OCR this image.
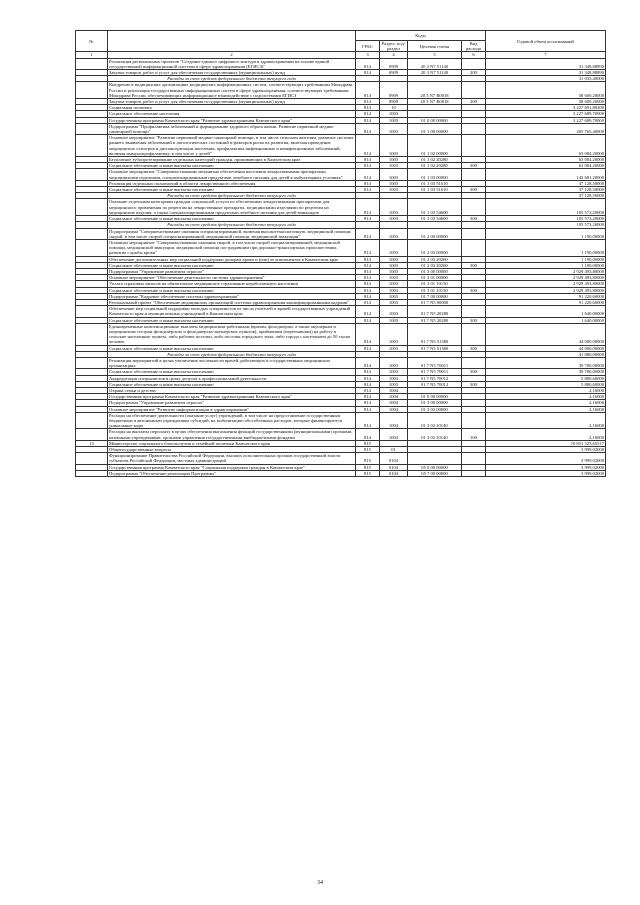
№		Коды				Годовой объем ассигнований
		ГРБС	Раздел, под-раздел	Целевая статья	Вид расхода	
1	2	3	4	5	6	7
	Реализация региональных проектов "Создание единого цифрового контура в здравоохранении на основе единой государственной информационной системы в сфере здравоохранения (ЕГИСЗ)"	814	0909	20 3 N7 51140		31 348,88890
	Закупка товаров, работ и услуг для обеспечения государственных (муниципальных) нужд	814	0909	20 3 N7 51140	200	31 348,88890
	Расходы за счет средств федерального бюджета текущего года					31 035,40000
	Внедрение в медицинских организациях медицинских информационных систем, соответствующих требованиям Минздрава России и реализация государственных информационных систем в сфере здравоохранения, соответствующих требованиям Минздрава России, обеспечивающих информационное взаимодействие с подсистемами ЕГИСЗ	814	0909	20 3 N7 R0018		38 600,20000
	Закупка товаров, работ и услуг для обеспечения государственных (муниципальных) нужд	814	0909	20 3 N7 R0018	200	38 600,20000
	Социальная политика	814	10			3 227 691,88200
	Социальное обеспечение населения	814	1003			3 227 689,70000
	Государственная программа Камчатского края "Развитие здравоохранения Камчатского края"	814	1003	01 0 00 00000		3 227 689,70000
	Подпрограмма "Профилактика заболеваний и формирование здорового образа жизни. Развитие первичной медико-санитарной помощи"	814	1003	01 1 00 00000		205 765,40000
	Основное мероприятие "Развитие первичной медико-санитарной помощи, в том числе сельским жителям, развитие системы раннего выявления заболеваний и патологических состояний и факторов риска их развития, включая проведение медицинских осмотров и диспансеризации населения, профилактика инфекционных и неинфекционных заболеваний, включая иммунопрофилактику, в том числе у детей"	814	1003	01 1 02 00000		63 084,20000
	Бесплатное зубопротезирование отдельных категорий граждан, проживающих в Камчатском крае	814	1003	01 1 02 20280		63 084,20000
	Социальное обеспечение и иные выплаты населению	814	1003	01 1 02 20280	300	63 084,20000
	Основное мероприятие "Совершенствование механизма обеспечения населения лекарственными препаратами, медицинскими изделиями, специализированными продуктами лечебного питания для детей в амбулаторных условиях"	814	1003	01 1 03 00000		142 681,20000
	Реализация отдельных полномочий в области лекарственного обеспечения	814	1003	01 1 03 51610		37 128,50000
	Социальное обеспечение и иные выплаты населению	814	1003	01 1 03 51610	300	37 128,50000
	Расходы за счет средств федерального бюджета текущего года					37 128,50000
	Оказание отдельным категориям граждан социальной услуги по обеспечению лекарственными препаратами для медицинского применения по рецептам на лекарственные препараты, медицинскими изделиями по рецептам на медицинские изделия, а также специализированными продуктами лечебного питания для детей-инвалидов	814	1003	01 1 03 54600		105 573,20000
	Социальное обеспечение и иные выплаты населению	814	1003	01 1 03 54600	300	105 573,20000
	Расходы за счет средств федерального бюджета текущего года					105 573,20000
	Подпрограмма "Совершенствование оказания специализированной, включая высокотехнологичную, медицинской помощи, скорой, в том числе скорой специализированной, медицинской помощи, медицинской эвакуации"	814	1003	01 2 00 00000		1 190,00000
	Основное мероприятие "Совершенствование оказания скорой, в том числе скорой специализированной, медицинской помощи, медицинской эвакуации, медицинской помощи пострадавшим при дорожно-транспортных происшествиях, развитие службы крови"	814	1003	01 2 03 00000		1 190,00000
	Обеспечение дополнительных мер социальной поддержки донорам крови и (или) ее компонентов в Камчатском крае	814	1003	01 2 03 20260		1 190,00000
	Социальное обеспечение и иные выплаты населению	814	1003	01 2 03 20260	300	1 190,00000
	Подпрограмма "Управление развитием отрасли"	814	1003	01 3 00 00000		2 929 493,80000
	Основное мероприятие "Обеспечение деятельности системы здравоохранения"	814	1003	01 3 01 00000		2 929 493,80000
	Уплата страховых взносов на обязательное медицинское страхование неработающего населения	814	1003	01 3 01 10150		2 929 493,80000
	Социальное обеспечение и иные выплаты населению	814	1003	01 3 01 10150	300	2 929 493,80000
	Подпрограмма "Кадровое обеспечение системы здравоохранения"	814	1003	01 7 00 00000		91 220,60000
	Региональный проект "Обеспечение медицинских организаций системы здравоохранения квалифицированными кадрами"	814	1003	01 7 N5 00000		91 220,60000
	Обеспечение мер социальной поддержки молодых специалистов из числа учителей и врачей государственных учреждений Камчатского края и муниципальных учреждений в Камчатском крае	814	1003	01 7 N5 20280		1 640,00000
	Социальное обеспечение и иные выплаты населению	814	1003	01 7 N5 20280	300	1 640,00000
	Единовременные компенсационные выплаты медицинским работникам (врачам, фельдшерам, а также акушеркам и медицинским сестрам фельдшерских и фельдшерско-акушерских пунктов), прибывшим (переехавшим) на работу в сельские населенные пункты, либо рабочие поселки, либо поселки городского типа, либо города с населением до 50 тысяч человек	814	1003	01 7 N5 51380		44 000,00000
	Социальное обеспечение и иные выплаты населению	814	1003	01 7 N5 51380	300	44 000,00000
	Расходы за счет средств федерального бюджета текущего года					41 880,00000
	Реализация мероприятий в целях увеличения численности врачей, работающих в государственных медицинских организациях	814	1003	01 7 N5 70011		39 700,00000
	Социальное обеспечение и иные выплаты населению	814	1003	01 7 N5 70011	300	39 700,00000
	Аккредитация специалистов в целях допуска к профессиональной деятельности	814	1003	01 7 N5 70012		5 880,60000
	Социальное обеспечение и иные выплаты населению	814	1003	01 7 N5 70012	300	5 880,60000
	Охрана семьи и детства	814	1004			2,16000
	Государственная программа Камчатского края "Развитие здравоохранения Камчатского края"	814	1004	01 0 00 00000		2,16000
	Подпрограмма "Управление развитием отрасли"	814	1004	01 3 00 00000		2,16000
	Основное мероприятие "Развитие информатизации в здравоохранении"	814	1004	01 3 02 00000		2,16000
	Расходы на обеспечение деятельности (оказание услуг) учреждений, в том числе на предоставление государственным бюджетным и автономным учреждениям субсидий, на мобилизацию обособленных расходов, которые финансируются уникальные коды	814	1004	01 3 02 10140		2,16000
	Расходы на выплаты персоналу в целях обеспечения выполнения функций государственными (муниципальными) органами, казенными учреждениями, органами управления государственными внебюджетными фондами	814	1004	01 3 02 10140	100	2,16000
13	Министерство социального благополучия и семейной политики Камчатского края	815				10 831 525,65517
	Общегосударственные вопросы	815	01			3 999,02000
	Функционирование Правительства Российской Федерации, высших исполнительных органов государственной власти субъектов Российской Федерации, местных администраций	815	0104			3 999,02000
	Государственная программа Камчатского края "Социальная поддержка граждан в Камчатском крае"	815	0104	05 0 00 00000		3 999,02000
	Подпрограмма "Обеспечение реализации Программы"	815	0104	05 7 00 00000		3 999,02000
34
